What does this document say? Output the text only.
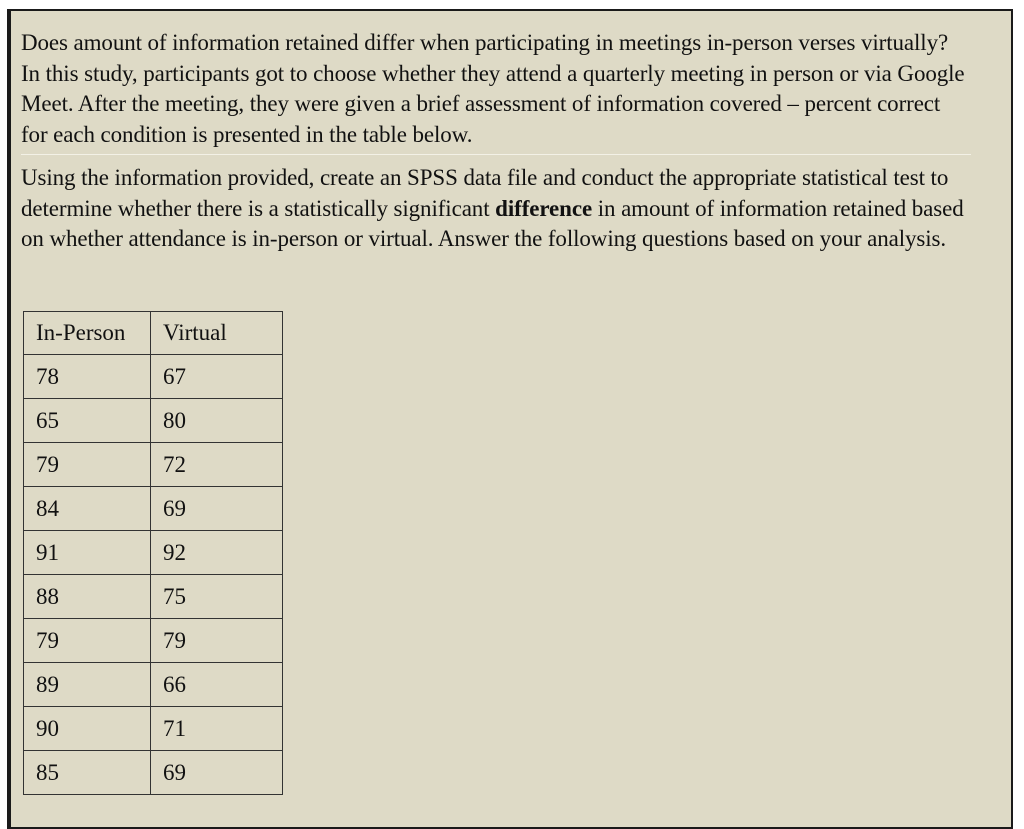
Does amount of information retained differ when participating in meetings in-person verses virtually? In this study, participants got to choose whether they attend a quarterly meeting in person or via Google Meet. After the meeting, they were given a brief assessment of information covered – percent correct for each condition is presented in the table below.

Using the information provided, create an SPSS data file and conduct the appropriate statistical test to determine whether there is a statistically significant difference in amount of information retained based on whether attendance is in-person or virtual. Answer the following questions based on your analysis.

In-Person	Virtual
78	67
65	80
79	72
84	69
91	92
88	75
79	79
89	66
90	71
85	69
